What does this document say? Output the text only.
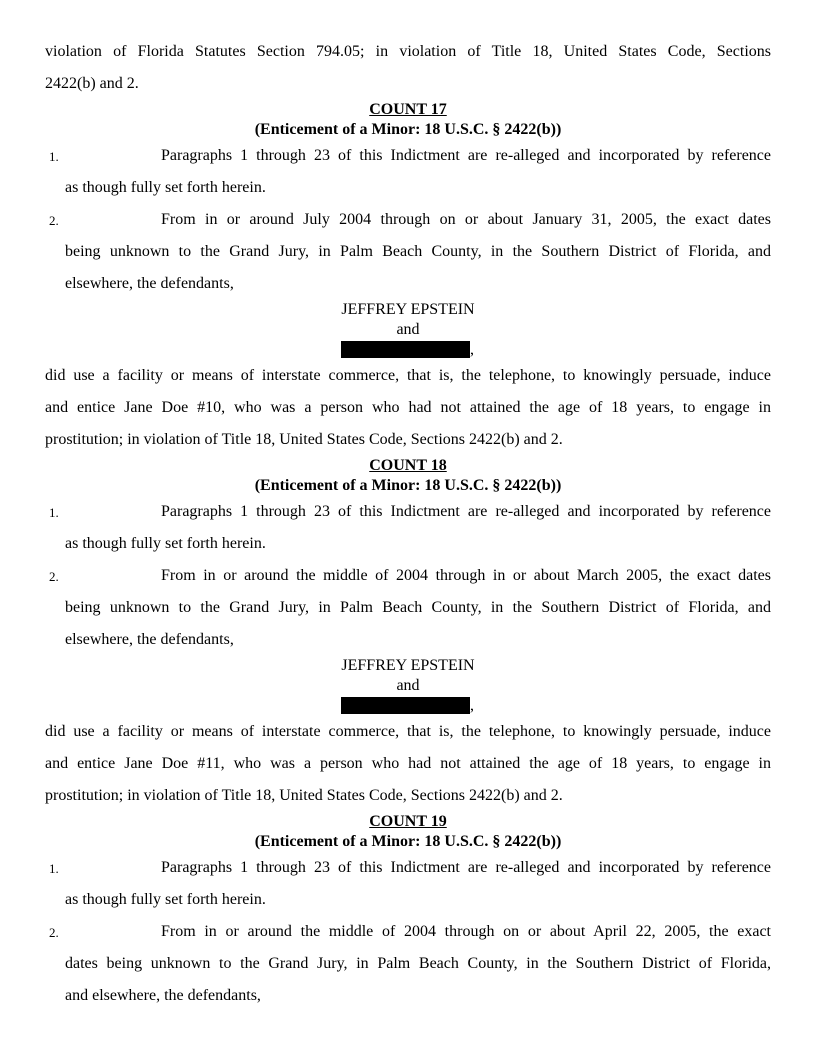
violation of Florida Statutes Section 794.05; in violation of Title 18, United States Code, Sections
2422(b) and 2.
COUNT 17
(Enticement of a Minor: 18 U.S.C. § 2422(b))
1.	Paragraphs 1 through 23 of this Indictment are re-alleged and incorporated by reference
as though fully set forth herein.
2.	From in or around July 2004 through on or about January 31, 2005, the exact dates
being unknown to the Grand Jury, in Palm Beach County, in the Southern District of Florida, and
elsewhere, the defendants,
JEFFREY EPSTEIN
and
,
did use a facility or means of interstate commerce, that is, the telephone, to knowingly persuade, induce
and entice Jane Doe #10, who was a person who had not attained the age of 18 years, to engage in
prostitution; in violation of Title 18, United States Code, Sections 2422(b) and 2.
COUNT 18
(Enticement of a Minor: 18 U.S.C. § 2422(b))
1.	Paragraphs 1 through 23 of this Indictment are re-alleged and incorporated by reference
as though fully set forth herein.
2.	From in or around the middle of 2004 through in or about March 2005, the exact dates
being unknown to the Grand Jury, in Palm Beach County, in the Southern District of Florida, and
elsewhere, the defendants,
JEFFREY EPSTEIN
and
,
did use a facility or means of interstate commerce, that is, the telephone, to knowingly persuade, induce
and entice Jane Doe #11, who was a person who had not attained the age of 18 years, to engage in
prostitution; in violation of Title 18, United States Code, Sections 2422(b) and 2.
COUNT 19
(Enticement of a Minor: 18 U.S.C. § 2422(b))
1.	Paragraphs 1 through 23 of this Indictment are re-alleged and incorporated by reference
as though fully set forth herein.
2.	From in or around the middle of 2004 through on or about April 22, 2005, the exact
dates being unknown to the Grand Jury, in Palm Beach County, in the Southern District of Florida,
and elsewhere, the defendants,
